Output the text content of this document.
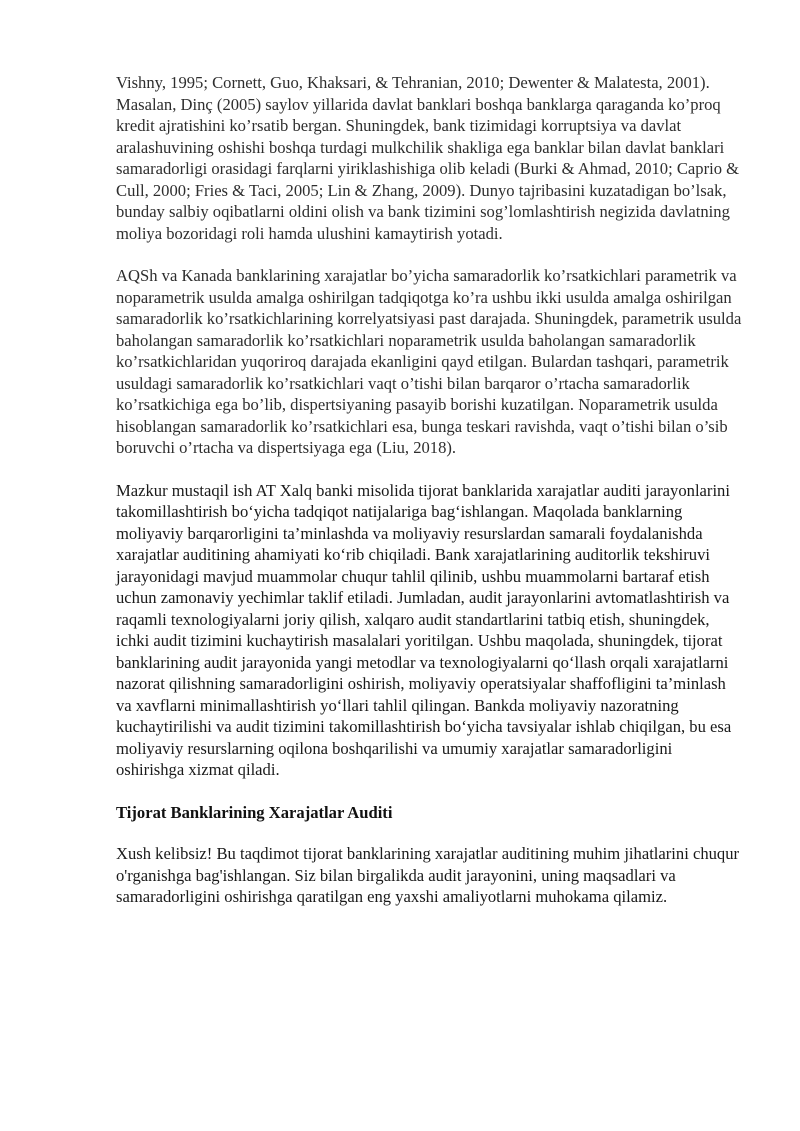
Vishny, 1995; Cornett, Guo, Khaksari, & Tehranian, 2010; Dewenter & Malatesta, 2001). Masalan, Dinç (2005) saylov yillarida davlat banklari boshqa banklarga qaraganda ko’proq kredit ajratishini ko’rsatib bergan. Shuningdek, bank tizimidagi korruptsiya va davlat aralashuvining oshishi boshqa turdagi mulkchilik shakliga ega banklar bilan davlat banklari samaradorligi orasidagi farqlarni yiriklashishiga olib keladi (Burki & Ahmad, 2010; Caprio & Cull, 2000; Fries & Taci, 2005; Lin & Zhang, 2009). Dunyo tajribasini kuzatadigan bo’lsak, bunday salbiy oqibatlarni oldini olish va bank tizimini sog’lomlashtirish negizida davlatning moliya bozoridagi roli hamda ulushini kamaytirish yotadi.

AQSh va Kanada banklarining xarajatlar bo’yicha samaradorlik ko’rsatkichlari parametrik va noparametrik usulda amalga oshirilgan tadqiqotga ko’ra ushbu ikki usulda amalga oshirilgan samaradorlik ko’rsatkichlarining korrelyatsiyasi past darajada. Shuningdek, parametrik usulda baholangan samaradorlik ko’rsatkichlari noparametrik usulda baholangan samaradorlik ko’rsatkichlaridan yuqoriroq darajada ekanligini qayd etilgan. Bulardan tashqari, parametrik usuldagi samaradorlik ko’rsatkichlari vaqt o’tishi bilan barqaror o’rtacha samaradorlik ko’rsatkichiga ega bo’lib, dispertsiyaning pasayib borishi kuzatilgan. Noparametrik usulda hisoblangan samaradorlik ko’rsatkichlari esa, bunga teskari ravishda, vaqt o’tishi bilan o’sib boruvchi o’rtacha va dispertsiyaga ega (Liu, 2018).

Mazkur mustaqil ish AT Xalq banki misolida tijorat banklarida xarajatlar auditi jarayonlarini takomillashtirish bo‘yicha tadqiqot natijalariga bag‘ishlangan. Maqolada banklarning moliyaviy barqarorligini ta’minlashda va moliyaviy resurslardan samarali foydalanishda xarajatlar auditining ahamiyati ko‘rib chiqiladi. Bank xarajatlarining auditorlik tekshiruvi jarayonidagi mavjud muammolar chuqur tahlil qilinib, ushbu muammolarni bartaraf etish uchun zamonaviy yechimlar taklif etiladi. Jumladan, audit jarayonlarini avtomatlashtirish va raqamli texnologiyalarni joriy qilish, xalqaro audit standartlarini tatbiq etish, shuningdek, ichki audit tizimini kuchaytirish masalalari yoritilgan. Ushbu maqolada, shuningdek, tijorat banklarining audit jarayonida yangi metodlar va texnologiyalarni qo‘llash orqali xarajatlarni nazorat qilishning samaradorligini oshirish, moliyaviy operatsiyalar shaffofligini ta’minlash va xavflarni minimallashtirish yo‘llari tahlil qilingan. Bankda moliyaviy nazoratning kuchaytirilishi va audit tizimini takomillashtirish bo‘yicha tavsiyalar ishlab chiqilgan, bu esa moliyaviy resurslarning oqilona boshqarilishi va umumiy xarajatlar samaradorligini oshirishga xizmat qiladi.

Tijorat Banklarining Xarajatlar Auditi

Xush kelibsiz! Bu taqdimot tijorat banklarining xarajatlar auditining muhim jihatlarini chuqur o'rganishga bag'ishlangan. Siz bilan birgalikda audit jarayonini, uning maqsadlari va samaradorligini oshirishga qaratilgan eng yaxshi amaliyotlarni muhokama qilamiz.
